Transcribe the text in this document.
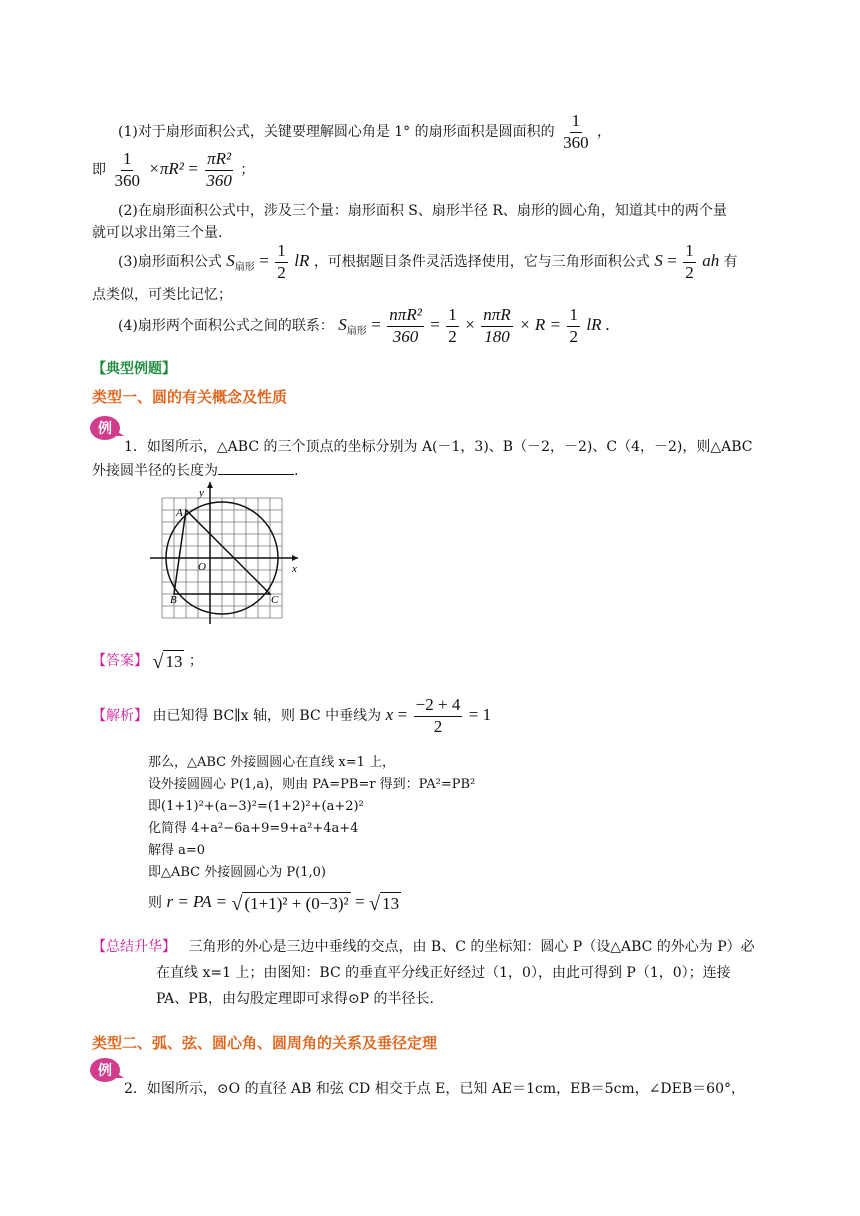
(1)对于扇形面积公式，关键要理解圆心角是 1° 的扇形面积是圆面积的 $\frac{1}{360}$ ，
即 $\frac{1}{360} \times\pi R^2 = \frac{\text{πR²}}{360}$ ；
(2)在扇形面积公式中，涉及三个量：扇形面积 S、扇形半径 R、扇形的圆心角，知道其中的两个量
就可以求出第三个量.
(3)扇形面积公式 $S_{扇形} = \frac{1}{2}$ lR ，可根据题目条件灵活选择使用，它与三角形面积公式 $S = \frac{1}{2}$ ah 有
点类似，可类比记忆；
(4)扇形两个面积公式之间的联系： $S_{扇形} = \frac{\text{nπR²}}{360} = \frac{1}{2} \times \frac{\text{nπR}}{180} \times R = \frac{1}{2}$ lR .
【典型例题】
类型一、圆的有关概念及性质
例
1．如图所示，△ABC 的三个顶点的坐标分别为 A(－1，3)、B（－2，－2)、C（4，－2)，则△ABC
外接圆半径的长度为	.
y
x
A
O
B	C
【答案】 √ 13 ；
【解析】 由已知得 BC∥x 轴，则 BC 中垂线为 $x = \frac{-2 + 4}{2} = 1$
那么，△ABC 外接圆圆心在直线 x=1 上，
设外接圆圆心 P(1,a)，则由 PA=PB=r 得到：PA²=PB²
即(1+1)²+(a−3)²=(1+2)²+(a+2)²
化简得 4+a²−6a+9=9+a²+4a+4
解得 a=0
即△ABC 外接圆圆心为 P(1,0)
则 r = PA = √ (1+1)² + (0−3)² = √ 13
【总结升华】 三角形的外心是三边中垂线的交点，由 B、C 的坐标知：圆心 P（设△ABC 的外心为 P）必
在直线 x=1 上；由图知：BC 的垂直平分线正好经过（1，0），由此可得到 P（1，0）；连接
PA、PB，由勾股定理即可求得⊙P 的半径长.
类型二、弧、弦、圆心角、圆周角的关系及垂径定理
例
2．如图所示，⊙O 的直径 AB 和弦 CD 相交于点 E，已知 AE＝1cm，EB＝5cm，∠DEB＝60°，
